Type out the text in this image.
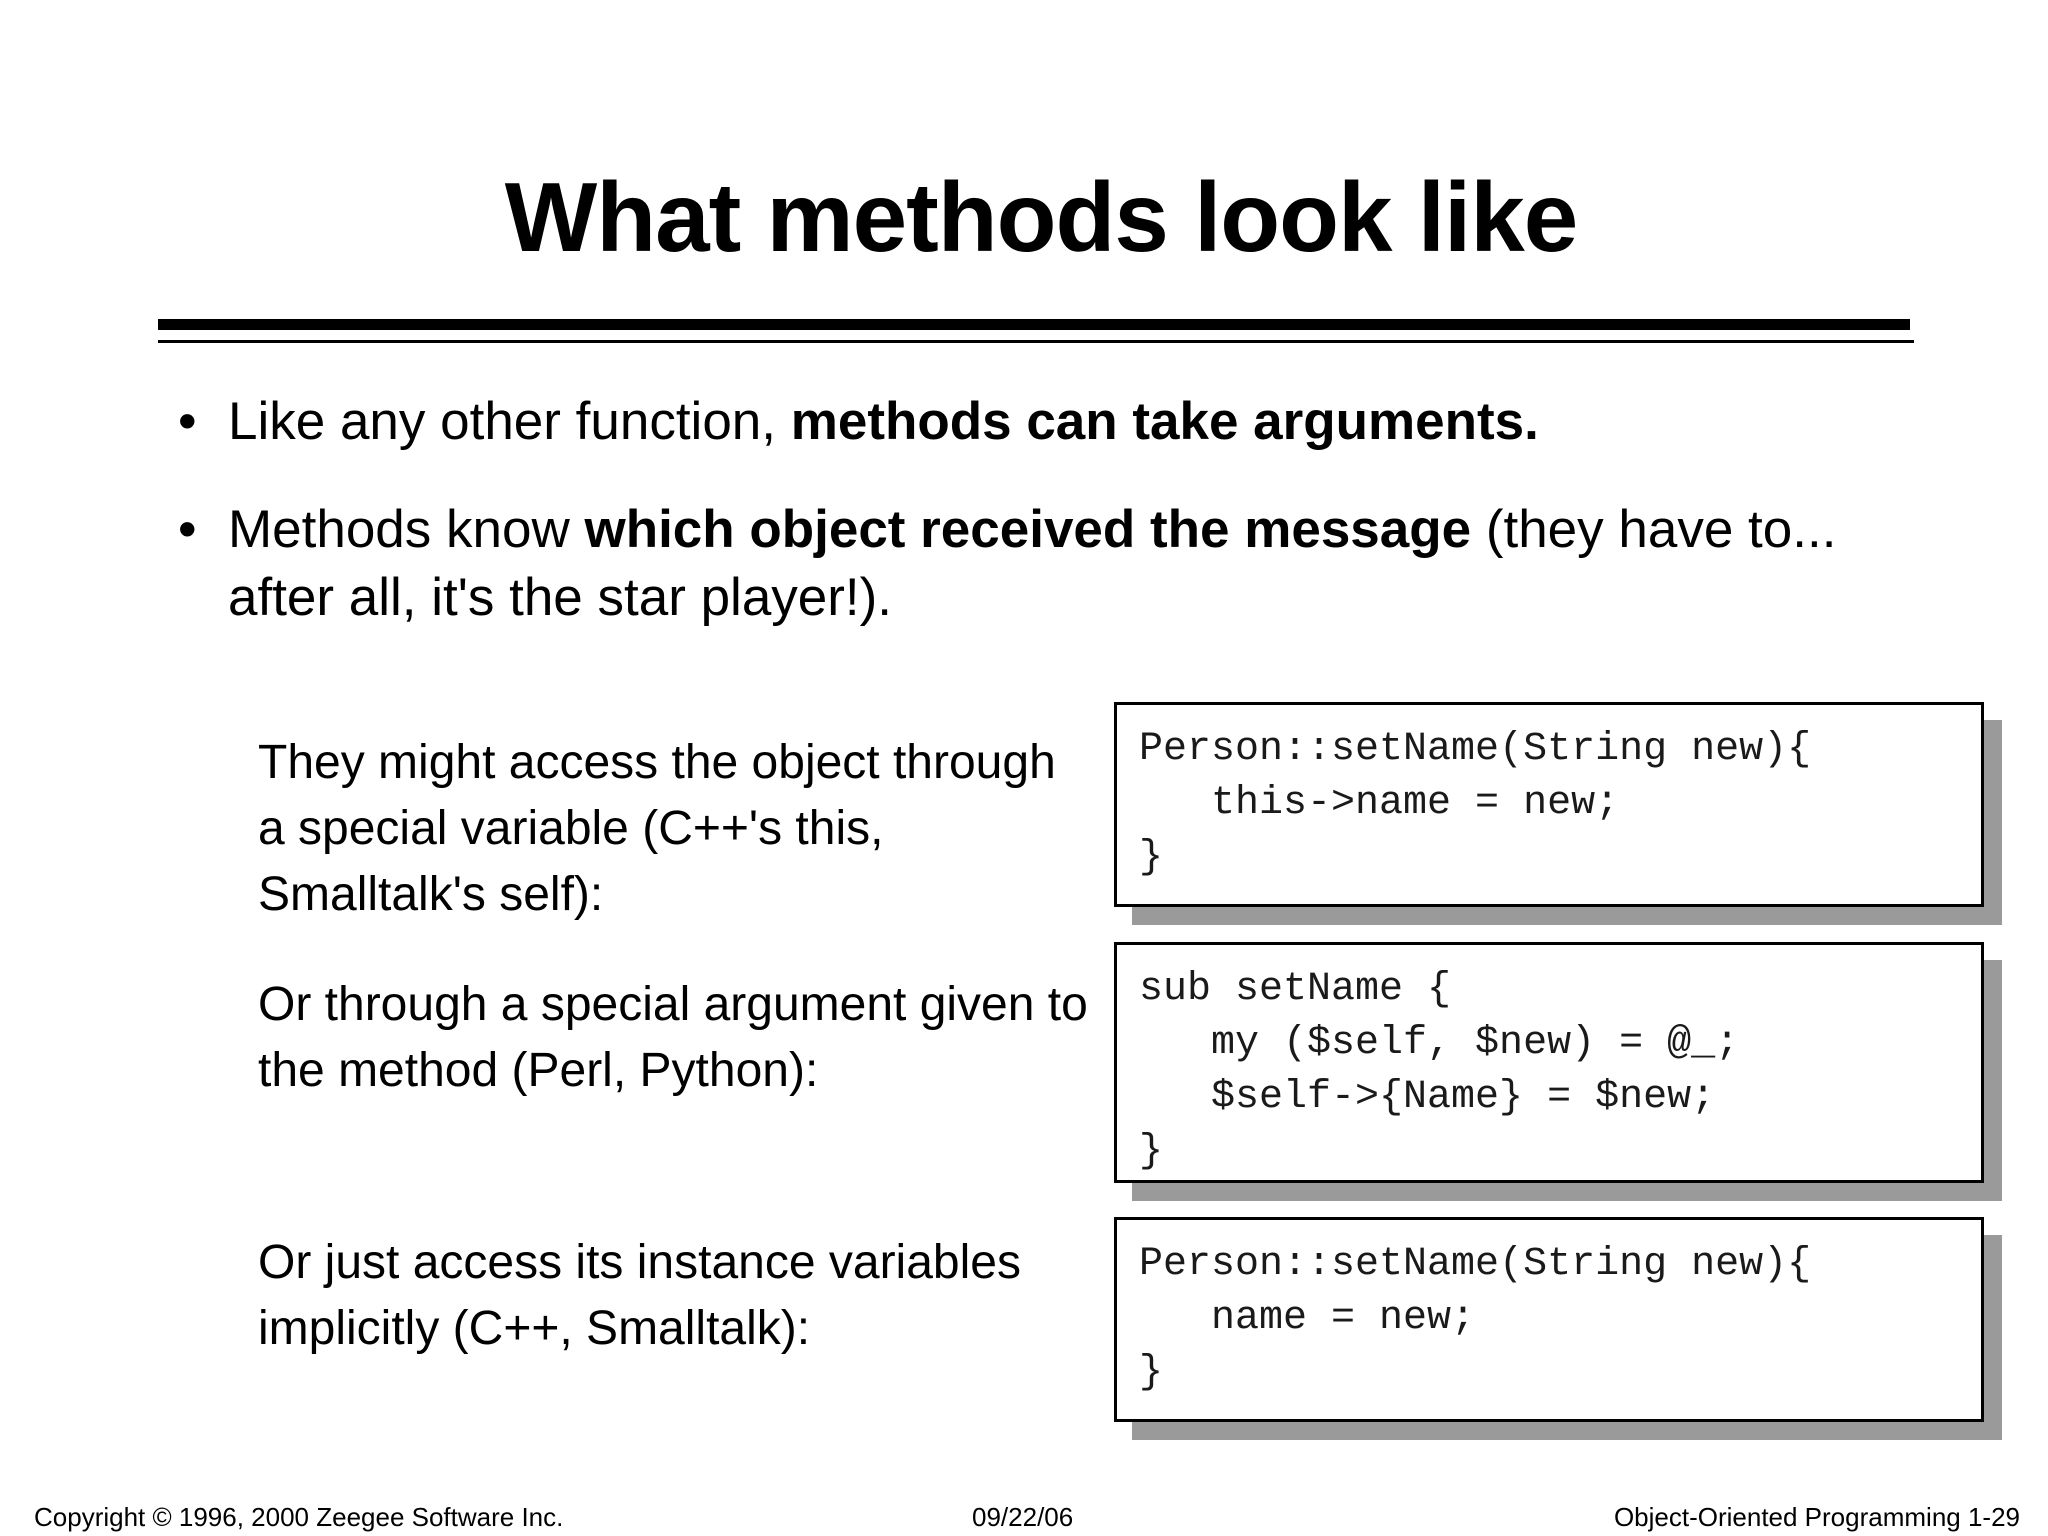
What methods look like
• Like any other function, methods can take arguments.
• Methods know which object received the message (they have to... after all, it's the star player!).
They might access the object through a special variable (C++'s this, Smalltalk's self):
Or through a special argument given to the method (Perl, Python):
Or just access its instance variables implicitly (C++, Smalltalk):
Person::setName(String new){
this->name = new;
}
sub setName {
my ($self, $new) = @_;
$self->{Name} = $new;
}
Person::setName(String new){
name = new;
}
Copyright © 1996, 2000 Zeegee Software Inc.	09/22/06	Object-Oriented Programming 1-29
